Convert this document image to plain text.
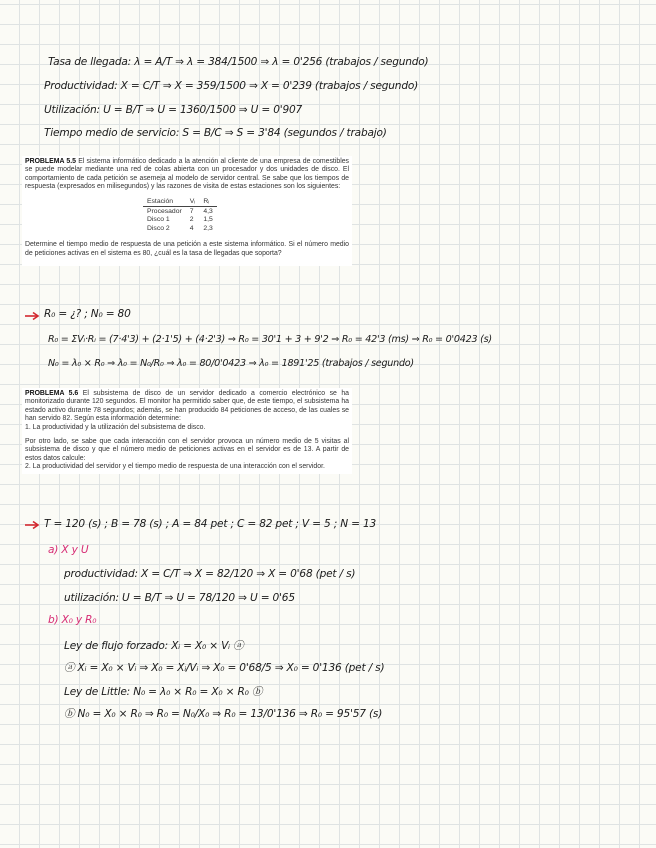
Tasa de llegada: λ = A/T ⇒ λ = 384/1500 ⇒ λ = 0'256 (trabajos / segundo)
Productividad: X = C/T ⇒ X = 359/1500 ⇒ X = 0'239 (trabajos / segundo)
Utilización: U = B/T ⇒ U = 1360/1500 ⇒ U = 0'907
Tiempo medio de servicio: S = B/C ⇒ S = 3'84 (segundos / trabajo)

PROBLEMA 5.5 El sistema informático dedicado a la atención al cliente de una empresa de comestibles se puede modelar mediante una red de colas abierta con un procesador y dos unidades de disco. El comportamiento de cada petición se asemeja al modelo de servidor central. Se sabe que los tiempos de respuesta (expresados en milisegundos) y las razones de visita de estas estaciones son los siguientes:

Estación	Vᵢ	Rᵢ
Procesador	7	4,3
Disco 1	2	1,5
Disco 2	4	2,3

Determine el tiempo medio de respuesta de una petición a este sistema informático. Si el número medio de peticiones activas en el sistema es 80, ¿cuál es la tasa de llegadas que soporta?

R₀ = ¿? ; N₀ = 80
R₀ = ΣVᵢ·Rᵢ = (7·4'3) + (2·1'5) + (4·2'3) ⇒ R₀ = 30'1 + 3 + 9'2 ⇒ R₀ = 42'3 (ms) ⇒ R₀ = 0'0423 (s)
N₀ = λ₀ × R₀ ⇒ λ₀ = N₀/R₀ ⇒ λ₀ = 80/0'0423 ⇒ λ₀ = 1891'25 (trabajos / segundo)

PROBLEMA 5.6 El subsistema de disco de un servidor dedicado a comercio electrónico se ha monitorizado durante 120 segundos. El monitor ha permitido saber que, de este tiempo, el subsistema ha estado activo durante 78 segundos; además, se han producido 84 peticiones de acceso, de las cuales se han servido 82. Según esta información determine:

1. La productividad y la utilización del subsistema de disco.

Por otro lado, se sabe que cada interacción con el servidor provoca un número medio de 5 visitas al subsistema de disco y que el número medio de peticiones activas en el servidor es de 13. A partir de estos datos calcule:

2. La productividad del servidor y el tiempo medio de respuesta de una interacción con el servidor.

T = 120 (s) ; B = 78 (s) ; A = 84 pet ; C = 82 pet ; V = 5 ; N = 13
a) X y U
productividad: X = C/T ⇒ X = 82/120 ⇒ X = 0'68 (pet / s)
utilización: U = B/T ⇒ U = 78/120 ⇒ U = 0'65
b) X₀ y R₀
Ley de flujo forzado: Xᵢ = X₀ × Vᵢ ⓐ
ⓐ Xᵢ = X₀ × Vᵢ ⇒ X₀ = Xᵢ/Vᵢ ⇒ X₀ = 0'68/5 ⇒ X₀ = 0'136 (pet / s)
Ley de Little: N₀ = λ₀ × R₀ = X₀ × R₀ ⓑ
ⓑ N₀ = X₀ × R₀ ⇒ R₀ = N₀/X₀ ⇒ R₀ = 13/0'136 ⇒ R₀ = 95'57 (s)
